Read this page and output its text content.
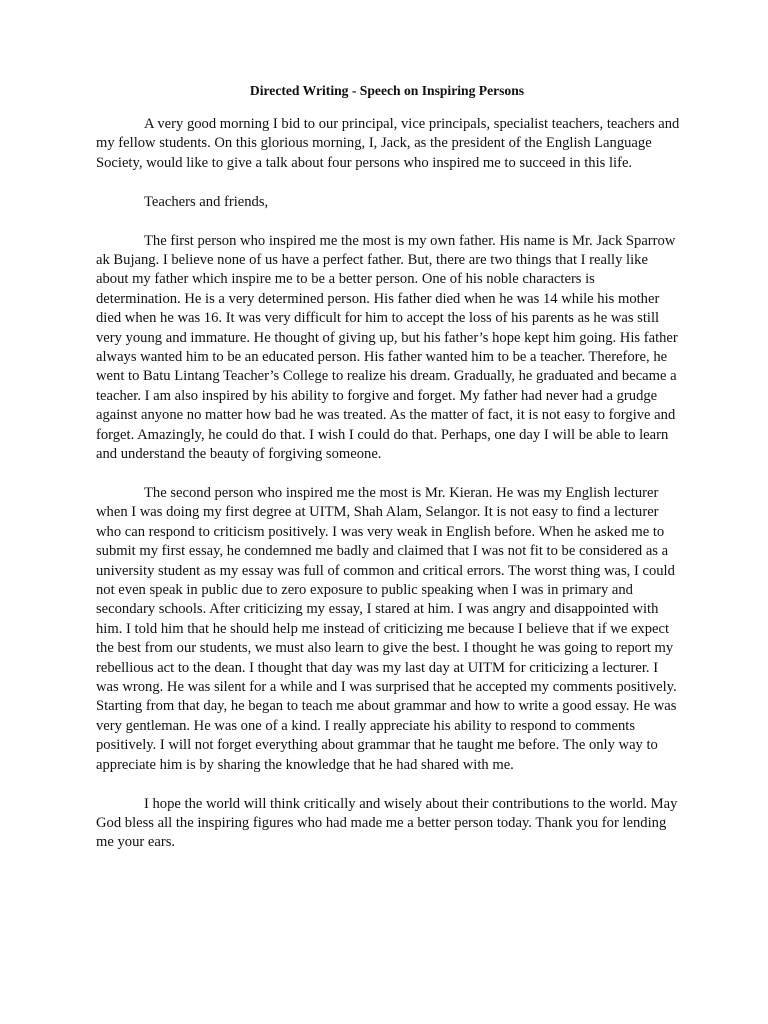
Directed Writing - Speech on Inspiring Persons

A very good morning I bid to our principal, vice principals, specialist teachers, teachers and my fellow students. On this glorious morning, I, Jack, as the president of the English Language Society, would like to give a talk about four persons who inspired me to succeed in this life.

Teachers and friends,

The first person who inspired me the most is my own father. His name is Mr. Jack Sparrow ak Bujang. I believe none of us have a perfect father. But, there are two things that I really like about my father which inspire me to be a better person. One of his noble characters is determination. He is a very determined person. His father died when he was 14 while his mother died when he was 16. It was very difficult for him to accept the loss of his parents as he was still very young and immature. He thought of giving up, but his father’s hope kept him going. His father always wanted him to be an educated person. His father wanted him to be a teacher. Therefore, he went to Batu Lintang Teacher’s College to realize his dream. Gradually, he graduated and became a teacher. I am also inspired by his ability to forgive and forget. My father had never had a grudge against anyone no matter how bad he was treated. As the matter of fact, it is not easy to forgive and forget. Amazingly, he could do that. I wish I could do that. Perhaps, one day I will be able to learn and understand the beauty of forgiving someone.

The second person who inspired me the most is Mr. Kieran. He was my English lecturer when I was doing my first degree at UITM, Shah Alam, Selangor. It is not easy to find a lecturer who can respond to criticism positively. I was very weak in English before. When he asked me to submit my first essay, he condemned me badly and claimed that I was not fit to be considered as a university student as my essay was full of common and critical errors. The worst thing was, I could not even speak in public due to zero exposure to public speaking when I was in primary and secondary schools. After criticizing my essay, I stared at him. I was angry and disappointed with him. I told him that he should help me instead of criticizing me because I believe that if we expect the best from our students, we must also learn to give the best. I thought he was going to report my rebellious act to the dean. I thought that day was my last day at UITM for criticizing a lecturer. I was wrong. He was silent for a while and I was surprised that he accepted my comments positively. Starting from that day, he began to teach me about grammar and how to write a good essay. He was very gentleman. He was one of a kind. I really appreciate his ability to respond to comments positively. I will not forget everything about grammar that he taught me before. The only way to appreciate him is by sharing the knowledge that he had shared with me.

I hope the world will think critically and wisely about their contributions to the world. May God bless all the inspiring figures who had made me a better person today. Thank you for lending me your ears.
